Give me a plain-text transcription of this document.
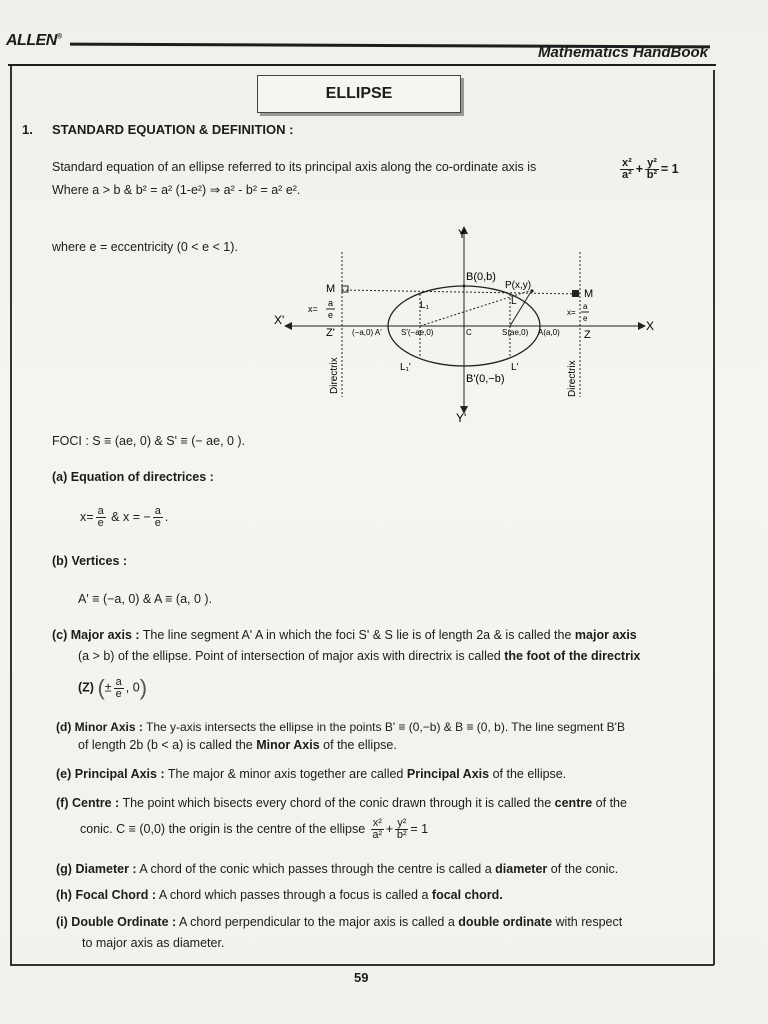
ALLEN®
Mathematics HandBook
ELLIPSE
1. STANDARD EQUATION & DEFINITION :
Standard equation of an ellipse referred to its principal axis along the co-ordinate axis is	$\frac{\text{x²}}{\text{a²}} + \frac{\text{y²}}{\text{b²}} = 1$
Where a > b & b² = a² (1-e²) ⇒ a² - b² = a² e².
where e = eccentricity (0 < e < 1).
Y
Y'
X'	X
B(0,b)
B'(0,−b)
P(x,y)
M	M
Z'	Z
L₁
L₁'
L
L'
(−a,0) A' S'(−ae,0)	C	S(ae,0) A(a,0)
x=
a
e	x=
a
e
Directrix	Directrix
FOCI : S ≡ (ae, 0) & S' ≡ (− ae, 0 ).
(a) Equation of directrices :
$x= \frac{a}{e}$ & x = − $\frac{a}{e}$ .
(b) Vertices :
A' ≡ (−a, 0) & A ≡ (a, 0 ).
(c) Major axis : The line segment A' A in which the foci S' & S lie is of length 2a & is called the major axis
(a > b) of the ellipse. Point of intersection of major axis with directrix is called the foot of the directrix
(Z) (± $\frac{a}{e}$ , 0)
(d) Minor Axis : The y-axis intersects the ellipse in the points B' ≡ (0,−b) & B ≡ (0, b). The line segment B'B
of length 2b (b < a) is called the Minor Axis of the ellipse.
(e) Principal Axis : The major & minor axis together are called Principal Axis of the ellipse.
(f) Centre : The point which bisects every chord of the conic drawn through it is called the centre of the
conic. C ≡ (0,0) the origin is the centre of the ellipse $\frac{\text{x²}}{\text{a²}} + \frac{\text{y²}}{\text{b²}} = 1$
(g) Diameter : A chord of the conic which passes through the centre is called a diameter of the conic.
(h) Focal Chord : A chord which passes through a focus is called a focal chord.
(i) Double Ordinate : A chord perpendicular to the major axis is called a double ordinate with respect
to major axis as diameter.
59
